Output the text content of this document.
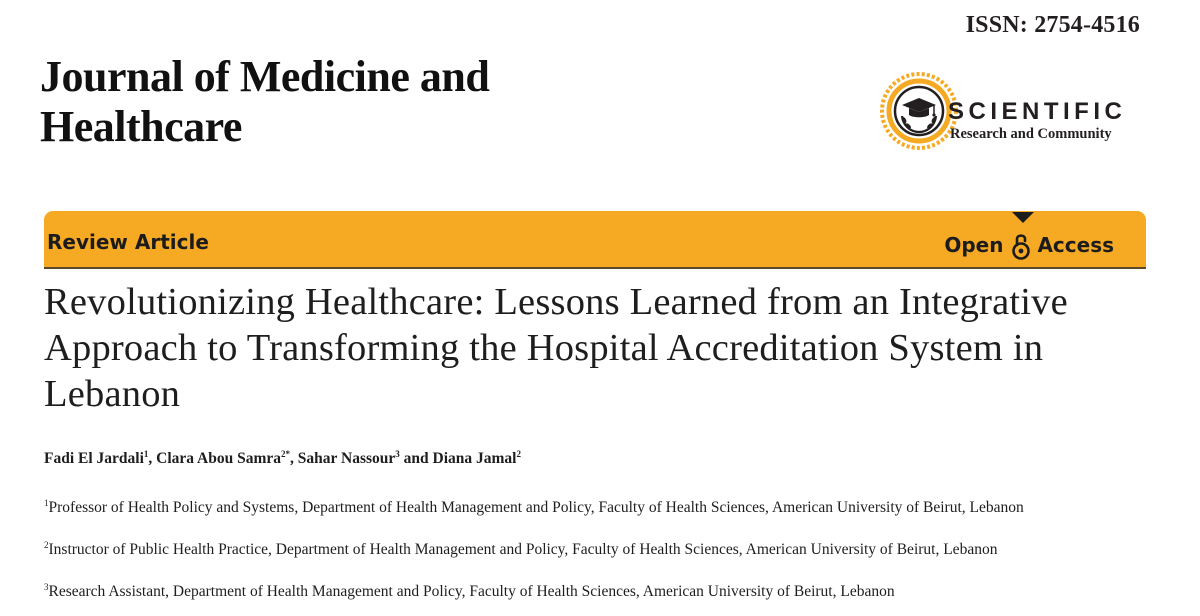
ISSN: 2754-4516
Journal of Medicine and Healthcare	SCIENTIFIC
Research and Community
Review Article	Open Access
Revolutionizing Healthcare: Lessons Learned from an Integrative Approach to Transforming the Hospital Accreditation System in Lebanon
Fadi El Jardali$^1$, Clara Abou Samra$^{2*}$, Sahar Nassour$^3$ and Diana Jamal$^2$
$^1$Professor of Health Policy and Systems, Department of Health Management and Policy, Faculty of Health Sciences, American University of Beirut, Lebanon
$^2$Instructor of Public Health Practice, Department of Health Management and Policy, Faculty of Health Sciences, American University of Beirut, Lebanon
$^3$Research Assistant, Department of Health Management and Policy, Faculty of Health Sciences, American University of Beirut, Lebanon
